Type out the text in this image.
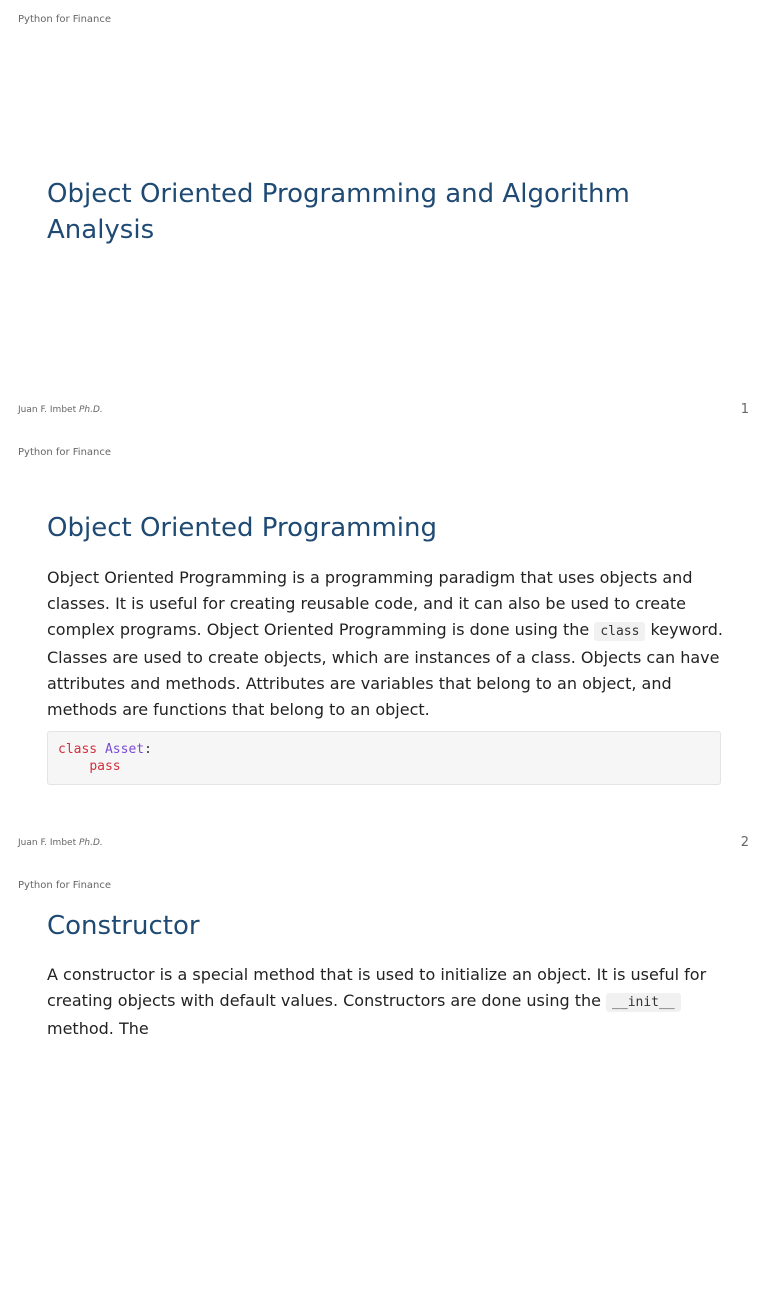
Python for Finance
Object Oriented Programming and Algorithm Analysis
Juan F. Imbet Ph.D.	1
Python for Finance
Object Oriented Programming

Object Oriented Programming is a programming paradigm that uses objects and classes. It is useful for creating reusable code, and it can also be used to create complex programs. Object Oriented Programming is done using the class keyword. Classes are used to create objects, which are instances of a class. Objects can have attributes and methods. Attributes are variables that belong to an object, and methods are functions that belong to an object.

class Asset:
pass
Juan F. Imbet Ph.D.	2
Python for Finance
Constructor

A constructor is a special method that is used to initialize an object. It is useful for creating objects with default values. Constructors are done using the __init__ method. The
